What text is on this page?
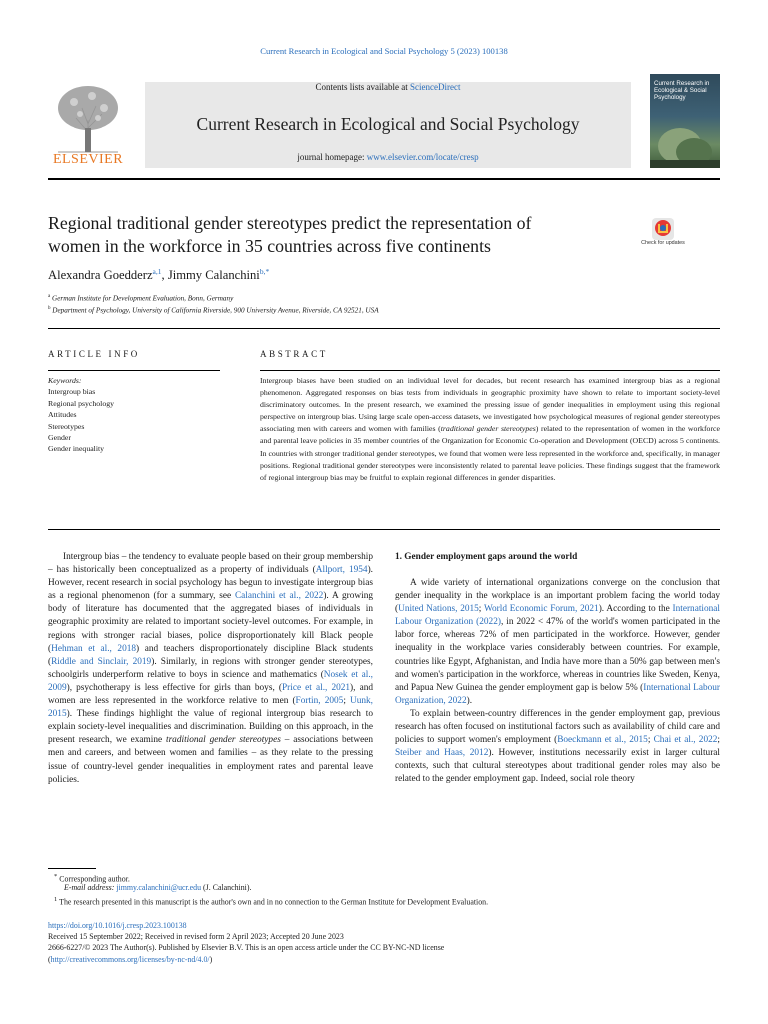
Current Research in Ecological and Social Psychology 5 (2023) 100138
ELSEVIER
Contents lists available at ScienceDirect
Current Research in Ecological and Social Psychology
journal homepage: www.elsevier.com/locate/cresp
Current Research in Ecological & Social Psychology
Regional traditional gender stereotypes predict the representation of
women in the workforce in 35 countries across five continents	Check for updates
Alexandra Goedderz$^{a,1}$, Jimmy Calanchini$^{b,*}$
$^a$ German Institute for Development Evaluation, Bonn, Germany
$^b$ Department of Psychology, University of California Riverside, 900 University Avenue, Riverside, CA 92521, USA
ARTICLE INFO	ABSTRACT
Keywords:
Intergroup bias
Regional psychology
Attitudes
Stereotypes
Gender
Gender inequality
Intergroup biases have been studied on an individual level for decades, but recent research has examined intergroup bias as a regional phenomenon. Aggregated responses on bias tests from individuals in geographic proximity have shown to relate to important society-level discriminatory outcomes. In the present research, we examined the pressing issue of gender inequalities in employment using this regional perspective on intergroup bias. Using large scale open-access datasets, we investigated how psychological measures of regional gender stereotypes associating men with careers and women with families (traditional gender stereotypes) related to the representation of women in the workforce and parental leave policies in 35 member countries of the Organization for Economic Co-operation and Development (OECD) across 5 continents. In countries with stronger traditional gender stereotypes, we found that women were less represented in the workforce and, specifically, in manager positions. Regional traditional gender stereotypes were inconsistently related to parental leave policies. These findings suggest that the framework of regional intergroup bias may be fruitful to explain regional differences in gender disparities.

Intergroup bias – the tendency to evaluate people based on their group membership – has historically been conceptualized as a property of individuals (Allport, 1954). However, recent research in social psychology has begun to investigate intergroup bias as a regional phenomenon (for a summary, see Calanchini et al., 2022). A growing body of literature has documented that the aggregated biases of individuals in geographic proximity are related to important society-level outcomes. For example, in regions with stronger racial biases, police disproportionately kill Black people (Hehman et al., 2018) and teachers disproportionately discipline Black students (Riddle and Sinclair, 2019). Similarly, in regions with stronger gender stereotypes, schoolgirls underperform relative to boys in science and mathematics (Nosek et al., 2009), psychotherapy is less effective for girls than boys, (Price et al., 2021), and women are less represented in the workforce relative to men (Fortin, 2005; Uunk, 2015). These findings highlight the value of regional intergroup bias research to explain society-level inequalities and discrimination. Building on this approach, in the present research, we examine traditional gender stereotypes – associations between men and careers, and between women and families – as they relate to the pressing issue of country-level gender inequalities in employment rates and parental leave policies.

1. Gender employment gaps around the world

A wide variety of international organizations converge on the conclusion that gender inequality in the workplace is an important problem facing the world today (United Nations, 2015; World Economic Forum, 2021). According to the International Labour Organization (2022), in 2022 < 47% of the world's women participated in the labor force, whereas 72% of men participated in the workforce. However, gender inequality in the workplace varies considerably between countries. For example, countries like Egypt, Afghanistan, and India have more than a 50% gap between men's and women's participation in the workforce, whereas in countries like Sweden, Kenya, and Papua New Guinea the gender employment gap is below 5% (International Labour Organization, 2022).

To explain between-country differences in the gender employment gap, previous research has often focused on institutional factors such as availability of child care and policies to support women's employment (Boeckmann et al., 2015; Chai et al., 2022; Steiber and Haas, 2012). However, institutions necessarily exist in larger cultural contexts, such that cultural stereotypes about traditional gender roles may also be related to the gender employment gap. Indeed, social role theory

* Corresponding author.
E-mail address: jimmy.calanchini@ucr.edu (J. Calanchini).
$^1$ The research presented in this manuscript is the author's own and in no connection to the German Institute for Development Evaluation.
https://doi.org/10.1016/j.cresp.2023.100138
Received 15 September 2022; Received in revised form 2 April 2023; Accepted 20 June 2023
2666-6227/© 2023 The Author(s). Published by Elsevier B.V. This is an open access article under the CC BY-NC-ND license
(http://creativecommons.org/licenses/by-nc-nd/4.0/)
